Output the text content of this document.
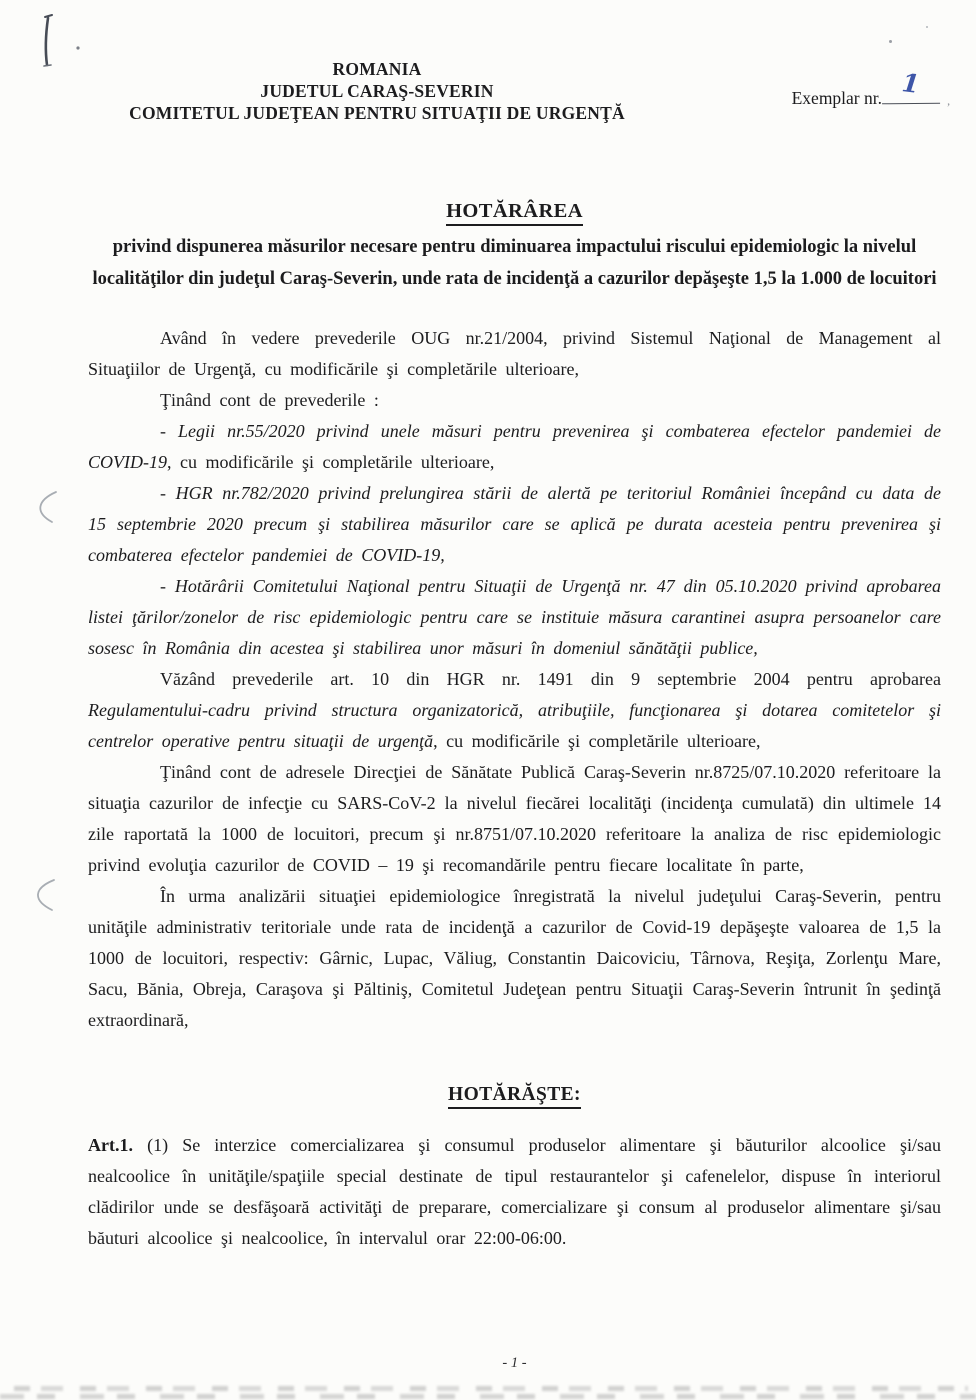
ROMANIA
JUDETUL CARAŞ-SEVERIN
COMITETUL JUDEŢEAN PENTRU SITUAŢII DE URGENŢĂ
Exemplar nr. 1
,
HOTĂRÂREA

privind dispunerea măsurilor necesare pentru diminuarea impactului riscului epidemiologic la nivelul localităţilor din judeţul Caraş-Severin, unde rata de incidenţă a cazurilor depăşeşte 1,5 la 1.000 de locuitori

Având în vedere prevederile OUG nr.21/2004, privind Sistemul Naţional de Management al Situaţiilor de Urgenţă, cu modificările şi completările ulterioare,

Ţinând cont de prevederile :

- Legii nr.55/2020 privind unele măsuri pentru prevenirea şi combaterea efectelor pandemiei de COVID-19, cu modificările şi completările ulterioare,

- HGR nr.782/2020 privind prelungirea stării de alertă pe teritoriul României începând cu data de 15 septembrie 2020 precum şi stabilirea măsurilor care se aplică pe durata acesteia pentru prevenirea şi combaterea efectelor pandemiei de COVID-19,

- Hotărârii Comitetului Naţional pentru Situaţii de Urgenţă nr. 47 din 05.10.2020 privind aprobarea listei ţărilor/zonelor de risc epidemiologic pentru care se instituie măsura carantinei asupra persoanelor care sosesc în România din acestea şi stabilirea unor măsuri în domeniul sănătăţii publice,

Văzând prevederile art. 10 din HGR nr. 1491 din 9 septembrie 2004 pentru aprobarea Regulamentului-cadru privind structura organizatorică, atribuţiile, funcţionarea şi dotarea comitetelor şi centrelor operative pentru situaţii de urgenţă, cu modificările şi completările ulterioare,

Ţinând cont de adresele Direcţiei de Sănătate Publică Caraş-Severin nr.8725/07.10.2020 referitoare la situaţia cazurilor de infecţie cu SARS-CoV-2 la nivelul fiecărei localităţi (incidenţa cumulată) din ultimele 14 zile raportată la 1000 de locuitori, precum şi nr.8751/07.10.2020 referitoare la analiza de risc epidemiologic privind evoluţia cazurilor de COVID – 19 şi recomandările pentru fiecare localitate în parte,

În urma analizării situaţiei epidemiologice înregistrată la nivelul judeţului Caraş-Severin, pentru unităţile administrativ teritoriale unde rata de incidenţă a cazurilor de Covid-19 depăşeşte valoarea de 1,5 la 1000 de locuitori, respectiv: Gârnic, Lupac, Văliug, Constantin Daicoviciu, Târnova, Reşiţa, Zorlenţu Mare, Sacu, Bănia, Obreja, Caraşova şi Păltiniş, Comitetul Judeţean pentru Situaţii Caraş-Severin întrunit în şedinţă extraordinară,

HOTĂRĂŞTE:

Art.1. (1) Se interzice comercializarea şi consumul produselor alimentare şi băuturilor alcoolice şi/sau nealcoolice în unităţile/spaţiile special destinate de tipul restaurantelor şi cafenelelor, dispuse în interiorul clădirilor unde se desfăşoară activităţi de preparare, comercializare şi consum al produselor alimentare şi/sau băuturi alcoolice şi nealcoolice, în intervalul orar 22:00-06:00.

- 1 -
